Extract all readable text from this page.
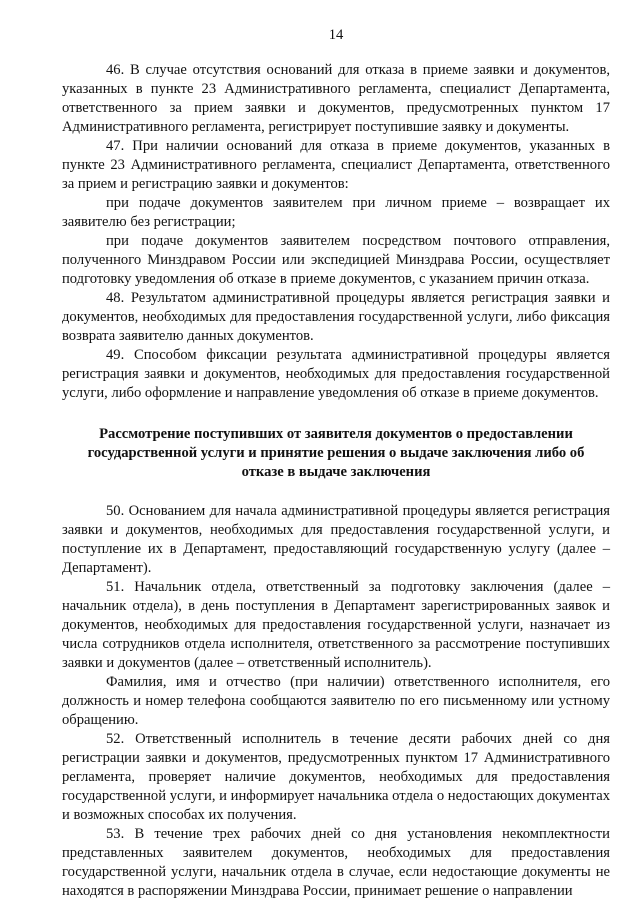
14

46. В случае отсутствия оснований для отказа в приеме заявки и документов, указанных в пункте 23 Административного регламента, специалист Департамента, ответственного за прием заявки и документов, предусмотренных пунктом 17 Административного регламента, регистрирует поступившие заявку и документы.

47. При наличии оснований для отказа в приеме документов, указанных в пункте 23 Административного регламента, специалист Департамента, ответственного за прием и регистрацию заявки и документов:

при подаче документов заявителем при личном приеме – возвращает их заявителю без регистрации;

при подаче документов заявителем посредством почтового отправления, полученного Минздравом России или экспедицией Минздрава России, осуществляет подготовку уведомления об отказе в приеме документов, с указанием причин отказа.

48. Результатом административной процедуры является регистрация заявки и документов, необходимых для предоставления государственной услуги, либо фиксация возврата заявителю данных документов.

49. Способом фиксации результата административной процедуры является регистрация заявки и документов, необходимых для предоставления государственной услуги, либо оформление и направление уведомления об отказе в приеме документов.

Рассмотрение поступивших от заявителя документов о предоставлении государственной услуги и принятие решения о выдаче заключения либо об отказе в выдаче заключения

50. Основанием для начала административной процедуры является регистрация заявки и документов, необходимых для предоставления государственной услуги, и поступление их в Департамент, предоставляющий государственную услугу (далее – Департамент).

51. Начальник отдела, ответственный за подготовку заключения (далее – начальник отдела), в день поступления в Департамент зарегистрированных заявок и документов, необходимых для предоставления государственной услуги, назначает из числа сотрудников отдела исполнителя, ответственного за рассмотрение поступивших заявки и документов (далее – ответственный исполнитель).

Фамилия, имя и отчество (при наличии) ответственного исполнителя, его должность и номер телефона сообщаются заявителю по его письменному или устному обращению.

52. Ответственный исполнитель в течение десяти рабочих дней со дня регистрации заявки и документов, предусмотренных пунктом 17 Административного регламента, проверяет наличие документов, необходимых для предоставления государственной услуги, и информирует начальника отдела о недостающих документах и возможных способах их получения.

53. В течение трех рабочих дней со дня установления некомплектности представленных заявителем документов, необходимых для предоставления государственной услуги, начальник отдела в случае, если недостающие документы не находятся в распоряжении Минздрава России, принимает решение о направлении
